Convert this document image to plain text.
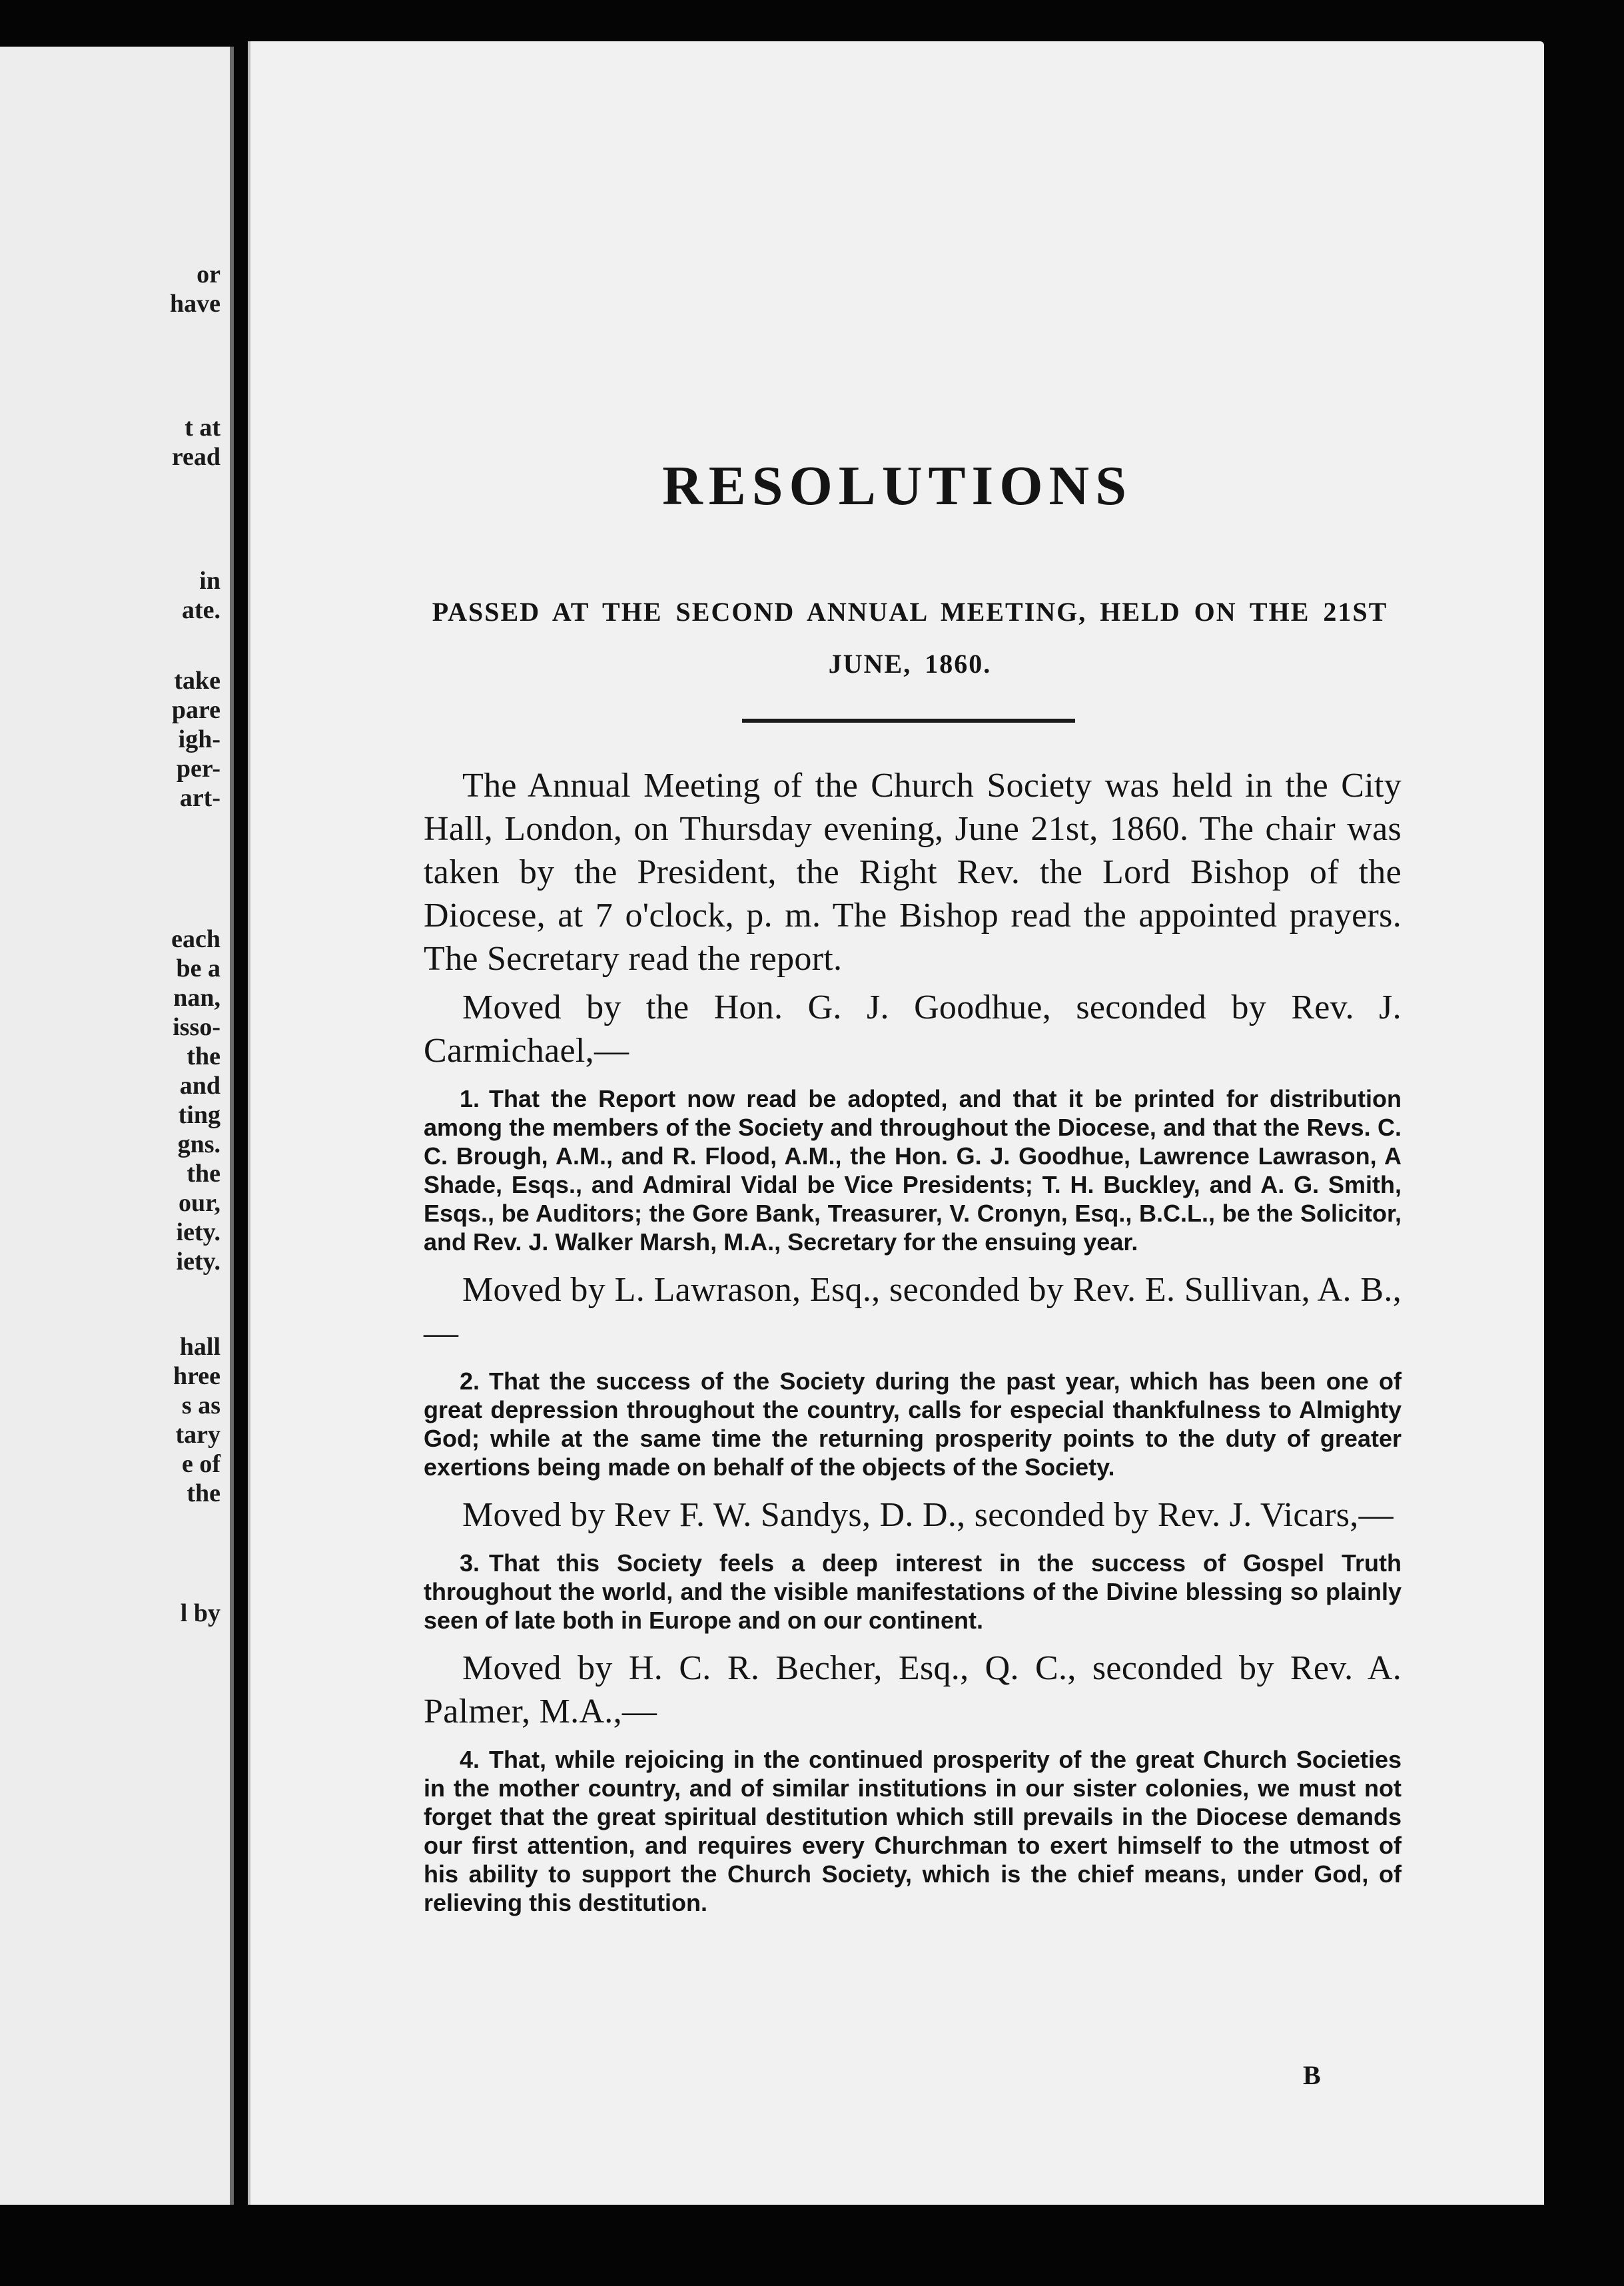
or
have
t at
read
in
ate.
take
pare
igh-
per-
art-
each
be a
nan,
isso-
the
and
ting
gns.
the
our,
iety.
iety.
hall
hree
s as
tary
e of
the
l by
RESOLUTIONS
PASSED AT THE SECOND ANNUAL MEETING, HELD ON THE 21ST JUNE, 1860.

The Annual Meeting of the Church Society was held in the City Hall, London, on Thursday evening, June 21st, 1860. The chair was taken by the President, the Right Rev. the Lord Bishop of the Diocese, at 7 o'clock, p. m. The Bishop read the appointed prayers. The Secretary read the report.

Moved by the Hon. G. J. Goodhue, seconded by Rev. J. Carmichael,—

1. That the Report now read be adopted, and that it be printed for distribution among the members of the Society and throughout the Diocese, and that the Revs. C. C. Brough, A.M., and R. Flood, A.M., the Hon. G. J. Goodhue, Lawrence Lawrason, A Shade, Esqs., and Admiral Vidal be Vice Presidents; T. H. Buckley, and A. G. Smith, Esqs., be Auditors; the Gore Bank, Treasurer, V. Cronyn, Esq., B.C.L., be the Solicitor, and Rev. J. Walker Marsh, M.A., Secretary for the ensuing year.

Moved by L. Lawrason, Esq., seconded by Rev. E. Sullivan, A. B.,—

2. That the success of the Society during the past year, which has been one of great depression throughout the country, calls for especial thankfulness to Almighty God; while at the same time the returning prosperity points to the duty of greater exertions being made on behalf of the objects of the Society.

Moved by Rev F. W. Sandys, D. D., seconded by Rev. J. Vicars,—

3. That this Society feels a deep interest in the success of Gospel Truth throughout the world, and the visible manifestations of the Divine blessing so plainly seen of late both in Europe and on our continent.

Moved by H. C. R. Becher, Esq., Q. C., seconded by Rev. A. Palmer, M.A.,—

4. That, while rejoicing in the continued prosperity of the great Church Societies in the mother country, and of similar institutions in our sister colonies, we must not forget that the great spiritual destitution which still prevails in the Diocese demands our first attention, and requires every Churchman to exert himself to the utmost of his ability to support the Church Society, which is the chief means, under God, of relieving this destitution.

B
